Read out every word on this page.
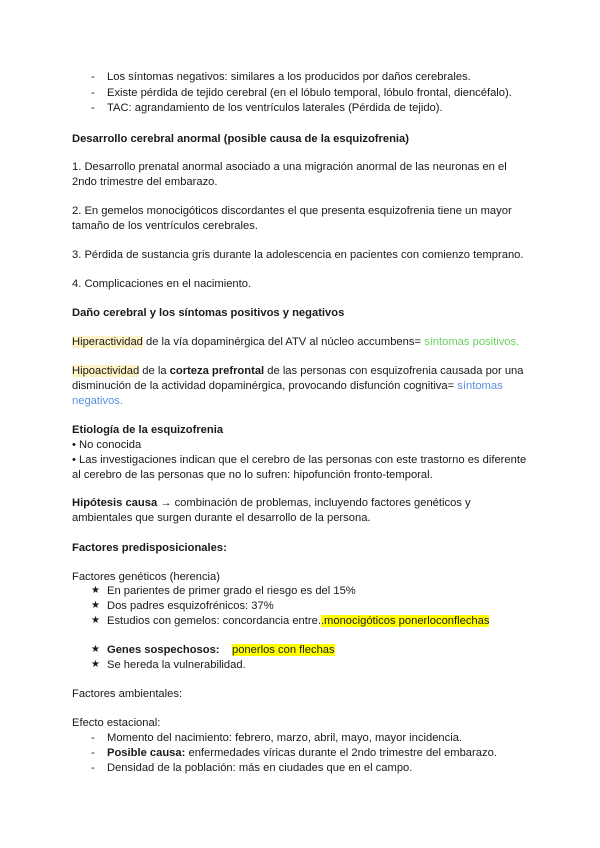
- Los síntomas negativos: similares a los producidos por daños cerebrales.
- Existe pérdida de tejido cerebral (en el lóbulo temporal, lóbulo frontal, diencéfalo).
- TAC: agrandamiento de los ventrículos laterales (Pérdida de tejido).
Desarrollo cerebral anormal (posible causa de la esquizofrenia)
1. Desarrollo prenatal anormal asociado a una migración anormal de las neuronas en el
2ndo trimestre del embarazo.
2. En gemelos monocigóticos discordantes el que presenta esquizofrenia tiene un mayor
tamaño de los ventrículos cerebrales.
3. Pérdida de sustancia gris durante la adolescencia en pacientes con comienzo temprano.
4. Complicaciones en el nacimiento.
Daño cerebral y los síntomas positivos y negativos
Hiperactividad de la vía dopaminérgica del ATV al núcleo accumbens= síntomas positivos.
Hipoactividad de la corteza prefrontal de las personas con esquizofrenia causada por una
disminución de la actividad dopaminérgica, provocando disfunción cognitiva= síntomas
negativos.
Etiología de la esquizofrenia
• No conocida
• Las investigaciones indican que el cerebro de las personas con este trastorno es diferente
al cerebro de las personas que no lo sufren: hipofunción fronto-temporal.
Hipótesis causa → combinación de problemas, incluyendo factores genéticos y
ambientales que surgen durante el desarrollo de la persona.
Factores predisposicionales:
Factores genéticos (herencia)
★ En parientes de primer grado el riesgo es del 15%
★ Dos padres esquizofrénicos: 37%
★ Estudios con gemelos: concordancia entre..monocigóticos ponerloconflechas
★ Genes sospechosos: ponerlos con flechas
★ Se hereda la vulnerabilidad.
Factores ambientales:
Efecto estacional:
- Momento del nacimiento: febrero, marzo, abril, mayo, mayor incidencia.
- Posible causa: enfermedades víricas durante el 2ndo trimestre del embarazo.
- Densidad de la población: más en ciudades que en el campo.
